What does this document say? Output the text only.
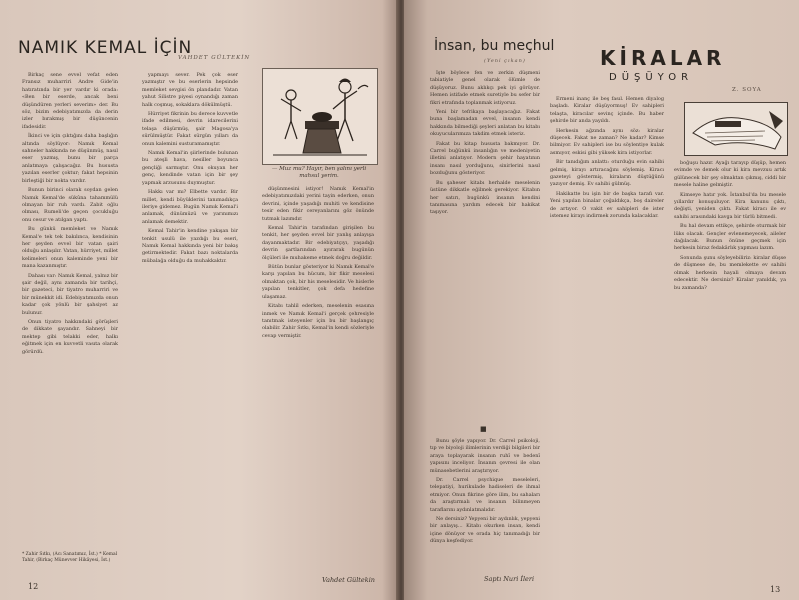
NAMIK KEMAL İÇİN
VAHDET GÜLTEKİN

Birkaç sene evvel vefat eden Fransız muharriri Andre Gide'in hatıratında bir yer vardır ki orada: «Ben bir eserde, ancak beni düşündüren yerleri severim» der. Bu söz, bizim edebiyatımızda da derin izler bırakmış bir düşüncenin ifadesidir.

İkinci ve için çıktığını daha başlığın altında söylüyor: Namık Kemal sahneler hakkında ne düşünmüş, nasıl eser yazmış, bunu bir parça anlatmaya çalışacağız. Bu hususta yazılan eserler çoktur; fakat hepsinin birleştiği bir nokta vardır.

Bunun birinci olarak soydan gelen Namık Kemal'de sükûna tahammülü olmayan bir ruh vardı. Zabit oğlu olması, Rumeli'de geçen çocukluğu onu cesur ve atılgan yaptı.

Bu günkü memleket ve Namık Kemal'e tek tek bakılınca, kendisinin her şeyden evvel bir vatan şairi olduğu anlaşılır. Vatan, hürriyet, millet kelimeleri onun kaleminde yeni bir mana kazanmıştır.

Dahası var: Namık Kemal, yalnız bir şair değil, aynı zamanda bir tarihçi, bir gazeteci, bir tiyatro muharriri ve bir münekkit idi. Edebiyatımızda onun kadar çok yönlü bir şahsiyet az bulunur.

Onun tiyatro hakkındaki görüşleri de dikkate şayandır. Sahneyi bir mektep gibi telakki eder, halkı eğitmek için en kuvvetli vasıta olarak görürdü.

yapmayı sever. Pek çok eser yazmıştır ve bu eserlerin hepsinde memleket sevgisi ön plandadır. Vatan yahut Silistre piyesi oynandığı zaman halk coşmuş, sokaklara dökülmüştü.

Hürriyet fikrinin bu derece kuvvetle ifade edilmesi, devrin idarecilerini telaşa düşürmüş, şair Magosa'ya sürülmüştür. Fakat sürgün yılları da onun kalemini susturamamıştır.

Namık Kemal'in şiirlerinde bulunan bu ateşli hava, nesiller boyunca gençliği sarmıştır. Onu okuyan her genç, kendinde vatan için bir şey yapmak arzusunu duymuştur.

Hakkı var mı? Elbette vardır. Bir millet, kendi büyüklerini tanımadıkça ileriye gidemez. Bugün Namık Kemal'i anlamak, dünümüzü ve yarınımızı anlamak demektir.

Kemal Tahir'in kendine yakışan bir tenkit usulü ile yazdığı bu eseri, Namık Kemal hakkında yeni bir bakış getirmektedir. Fakat bazı noktalarda mübalağa olduğu da muhakkaktır.

— Muz mu? Hayır, ben şalını yerli mahsul yerim.

düşünmesini istiyor! Namık Kemal'in edebiyatımızdaki yerini tayin ederken, onun devrini, içinde yaşadığı muhiti ve kendisine tesir eden fikir cereyanlarını göz önünde tutmak lazımdır.

Kemal Tahir'in tarafından girişilen bu tenkit, her şeyden evvel bir yanlış anlayışa dayanmaktadır. Bir edebiyatçıyı, yaşadığı devrin şartlarından ayırarak bugünün ölçüleri ile muhakeme etmek doğru değildir.

Bütün bunlar gösteriyor ki Namık Kemal'e karşı yapılan bu hücum, bir fikir meselesi olmaktan çok, bir his meselesidir. Ve hislerle yapılan tenkitler, çok defa hedefine ulaşamaz.

Kitabı tahlil ederken, meselenin esasına inmek ve Namık Kemal'i gerçek çehresiyle tanıtmak isteyenler için bu bir başlangıç olabilir. Zahir Sıtkı, Kemal'in kendi sözleriyle cevap vermiştir.

Vahdet Gültekin
* Zahir Sıtkı, (Acı Sanatımız, İst.) * Kemal Tahir, (Birkaç Münevver Hikâyesi, İst.)
12
İnsan, bu meçhul
(Yeni çıkan)

İşte böylece fen ve zerkin düşmeni tabiatiyle genel olarak ölümle de düşüyoruz. Bunu aklıkçı pek iyi görüyor. Hemen istifade etmek suretiyle bu sefer bir fikri etrafında toplanmak istiyoruz.

Yeni bir tefrikaya başlayacağız. Fakat buna başlamadan evvel, insanın kendi hakkında bilmediği şeyleri anlatan bu kitabı okuyucularımıza takdim etmek isteriz.

Fakat bu kitap hususta bakmıyor. Dr. Carrel buğünkü insanlığın ve medeniyetin illetini anlatıyor. Modern şehir hayatının insanı nasıl yorduğunu, sinirlerini nasıl bozduğunu gösteriyor.

Bu şaheser kitabı herhalde meselenin üstüne dikkatle eğilmek gerekiyor. Kitabın her satırı, bugünkü insanın kendini tanımasına yardım edecek bir hakikat taşıyor.

■

Bunu şöyle yapıyor. Dr. Carrel psikoloji, tıp ve biyoloji ilimlerinin verdiği bilgileri bir araya toplayarak insanın ruhî ve bedenî yapısını inceliyor. İnsanın çevresi ile olan münasebetlerini araştırıyor.

Dr. Carrel psychique meseleleri, telepatiyi, hurikulade hadiseleri de ihmal etmiyor. Onun fikrine göre ilim, bu sahaları da araştırmalı ve insanın bilinmeyen taraflarını aydınlatmalıdır.

Ne dersiniz? Yepyeni bir aydınlık, yepyeni bir anlayış… Kitabı okurken insan, kendi içine dönüyor ve orada hiç tanımadığı bir dünya keşfediyor.

Saptı Nuri İleri
KİRALAR
DÜŞÜYOR
Z. SOYA

Ermeni inanç ile beş fasıl. Hemen diyalog başladı. Kiralar düşüyormuş! Ev sahipleri telaşta, kiracılar sevinç içinde. Bu haber şehirde bir anda yayıldı.

Herkesin ağzında aynı söz: kiralar düşecek. Fakat ne zaman? Ne kadar? Kimse bilmiyor. Ev sahipleri ise bu söylentiye kulak asmıyor, eskisi gibi yüksek kira istiyorlar.

Bir tanıdığım anlattı: oturduğu evin sahibi gelmiş, kirayı artıracağını söylemiş. Kiracı gazeteyi göstermiş, kiraların düştüğünü yazıyor demiş. Ev sahibi gülmüş.

Hakikatte bu işin bir de başka tarafı var. Yeni yapılan binalar çoğaldıkça, boş daireler de artıyor. O vakit ev sahipleri de ister istemez kirayı indirmek zorunda kalacaklar.

boğuşu hazır. Ayağı tarayıp düşüp, hemen evimde ve demek olur ki kira mevzuu artık gülünecek bir şey olmaktan çıkmış, ciddi bir mesele haline gelmiştir.

Kimseye hatır yok. İstanbul'da bu mesele yıllardır konuşuluyor. Kira kanunu çıktı, değişti, yeniden çıktı. Fakat kiracı ile ev sahibi arasındaki kavga bir türlü bitmedi.

Bu hal devam ettikçe, şehirde oturmak bir lüks olacak. Gençler evlenemeyecek, aileler dağılacak. Bunun önüne geçmek için herkesin biraz fedakârlık yapması lazım.

Sonunda şunu söyleyebiliriz: kiralar düşse de düşmese de, bu memlekette ev sahibi olmak herkesin hayali olmaya devam edecektir. Ne dersiniz? Kiralar yanıldık, ya bu zamanda?

13
